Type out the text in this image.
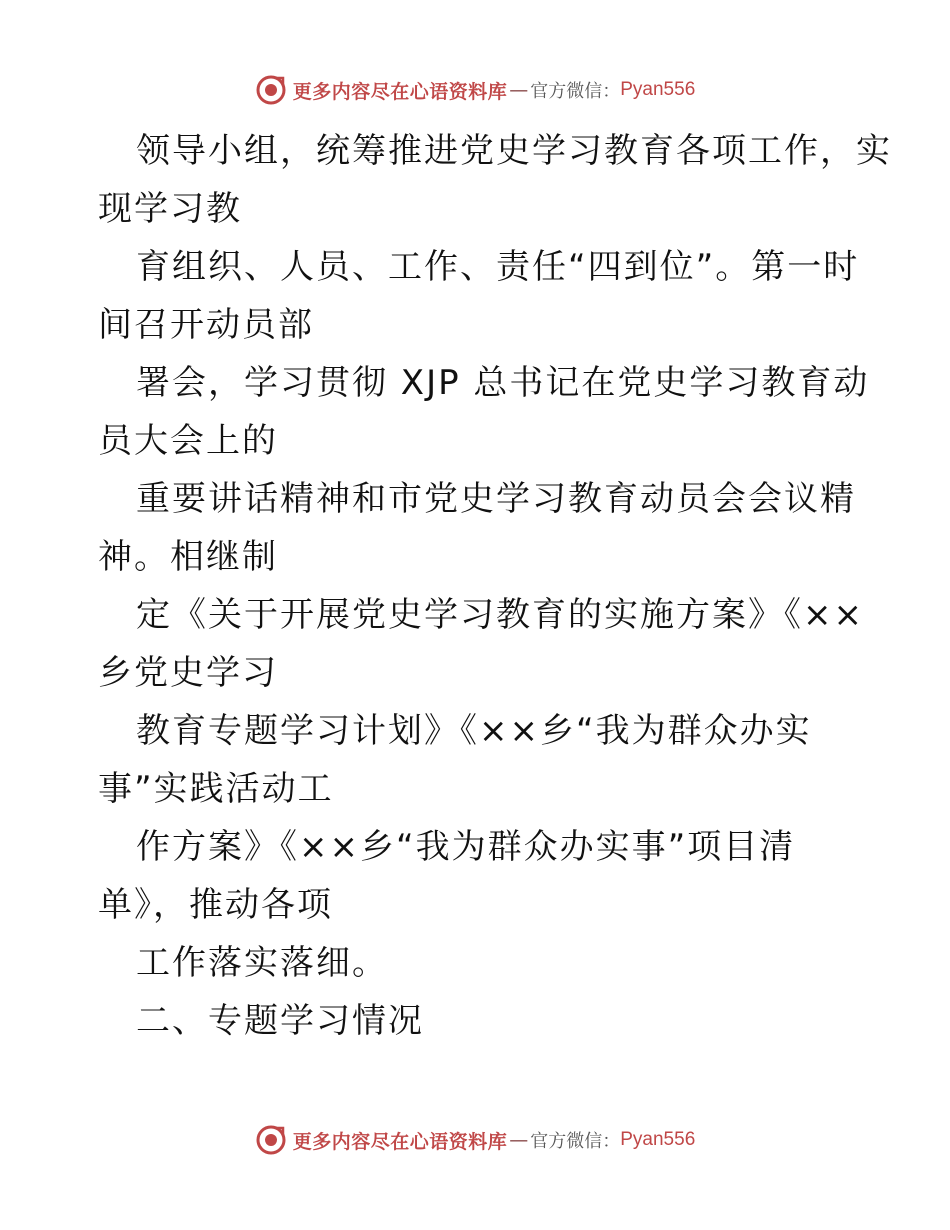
更多内容尽在心语资料库 — 官方微信： Pyan556
领导小组，统筹推进党史学习教育各项工作，实
现学习教
育组织、人员、工作、责任“四到位”。第一时
间召开动员部
署会，学习贯彻 XJP 总书记在党史学习教育动
员大会上的
重要讲话精神和市党史学习教育动员会会议精
神。相继制
定《关于开展党史学习教育的实施方案》《××
乡党史学习
教育专题学习计划》《××乡“我为群众办实
事”实践活动工
作方案》《××乡“我为群众办实事”项目清
单》，推动各项
工作落实落细。
二、专题学习情况
更多内容尽在心语资料库 — 官方微信： Pyan556
